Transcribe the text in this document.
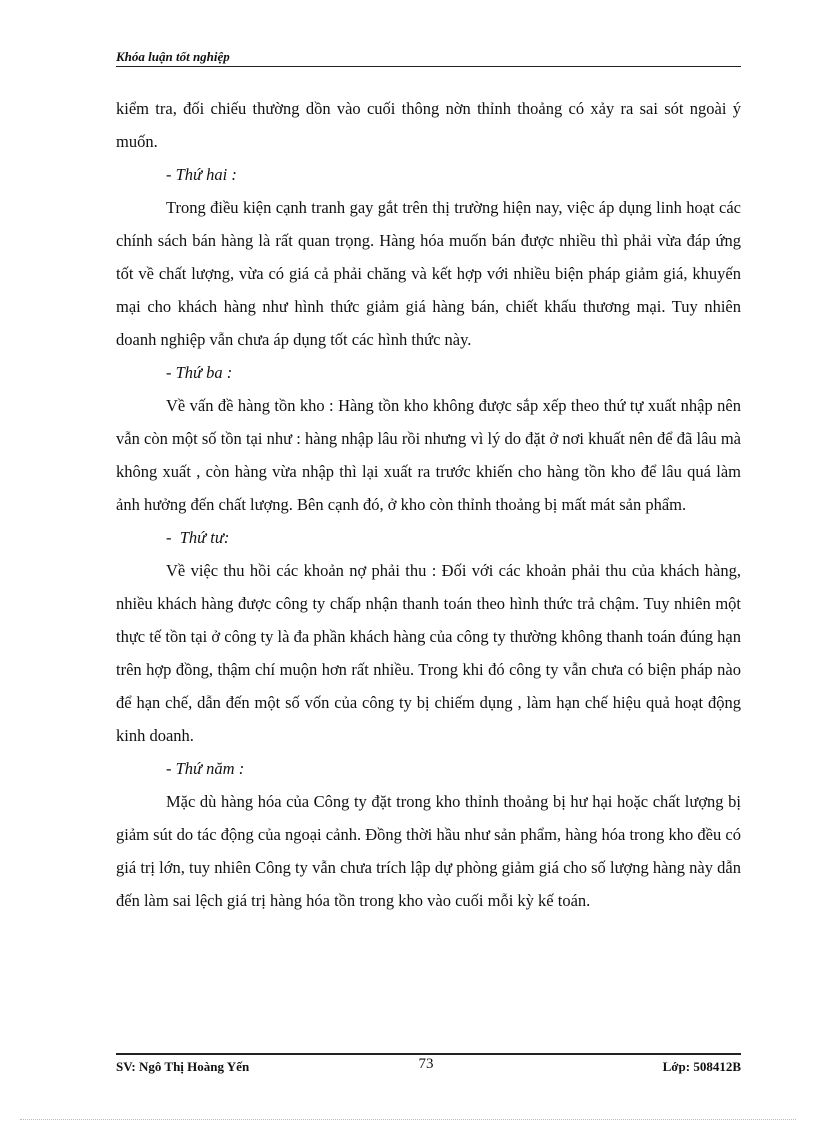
Khóa luận tốt nghiệp

kiểm tra, đối chiếu thường dồn vào cuối thông nờn thỉnh thoảng có xảy ra sai sót ngoài ý muốn.

- Thứ hai :

Trong điều kiện cạnh tranh gay gắt trên thị trường hiện nay, việc áp dụng linh hoạt các chính sách bán hàng là rất quan trọng. Hàng hóa muốn bán được nhiều thì phải vừa đáp ứng tốt về chất lượng, vừa có giá cả phải chăng và kết hợp với nhiều biện pháp giảm giá, khuyến mại cho khách hàng như hình thức giảm giá hàng bán, chiết khấu thương mại. Tuy nhiên doanh nghiệp vẫn chưa áp dụng tốt các hình thức này.

- Thứ ba :

Về vấn đề hàng tồn kho : Hàng tồn kho không được sắp xếp theo thứ tự xuất nhập nên vẫn còn một số tồn tại như : hàng nhập lâu rồi nhưng vì lý do đặt ở nơi khuất nên để đã lâu mà không xuất , còn hàng vừa nhập thì lại xuất ra trước khiến cho hàng tồn kho để lâu quá làm ảnh hưởng đến chất lượng. Bên cạnh đó, ở kho còn thỉnh thoảng bị mất mát sản phẩm.

-  Thứ tư:

Về việc thu hồi các khoản nợ phải thu : Đối với các khoản phải thu của khách hàng, nhiều khách hàng được công ty chấp nhận thanh toán theo hình thức trả chậm. Tuy nhiên một thực tế tồn tại ở công ty là đa phần khách hàng của công ty thường không thanh toán đúng hạn trên hợp đồng, thậm chí muộn hơn rất nhiều. Trong khi đó công ty vẫn chưa có biện pháp nào để hạn chế, dẫn đến một số vốn của công ty bị chiếm dụng , làm hạn chế hiệu quả hoạt động kinh doanh.

- Thứ năm :

Mặc dù hàng hóa của Công ty đặt trong kho thỉnh thoảng bị hư hại hoặc chất lượng bị giảm sút do tác động của ngoại cảnh. Đồng thời hầu như sản phẩm, hàng hóa trong kho đều có giá trị lớn, tuy nhiên Công ty vẫn chưa trích lập dự phòng giảm giá cho số lượng hàng này dẫn đến làm sai lệch giá trị hàng hóa tồn trong kho vào cuối mỗi kỳ kế toán.

SV: Ngô Thị Hoàng Yến	73	Lớp: 508412B
